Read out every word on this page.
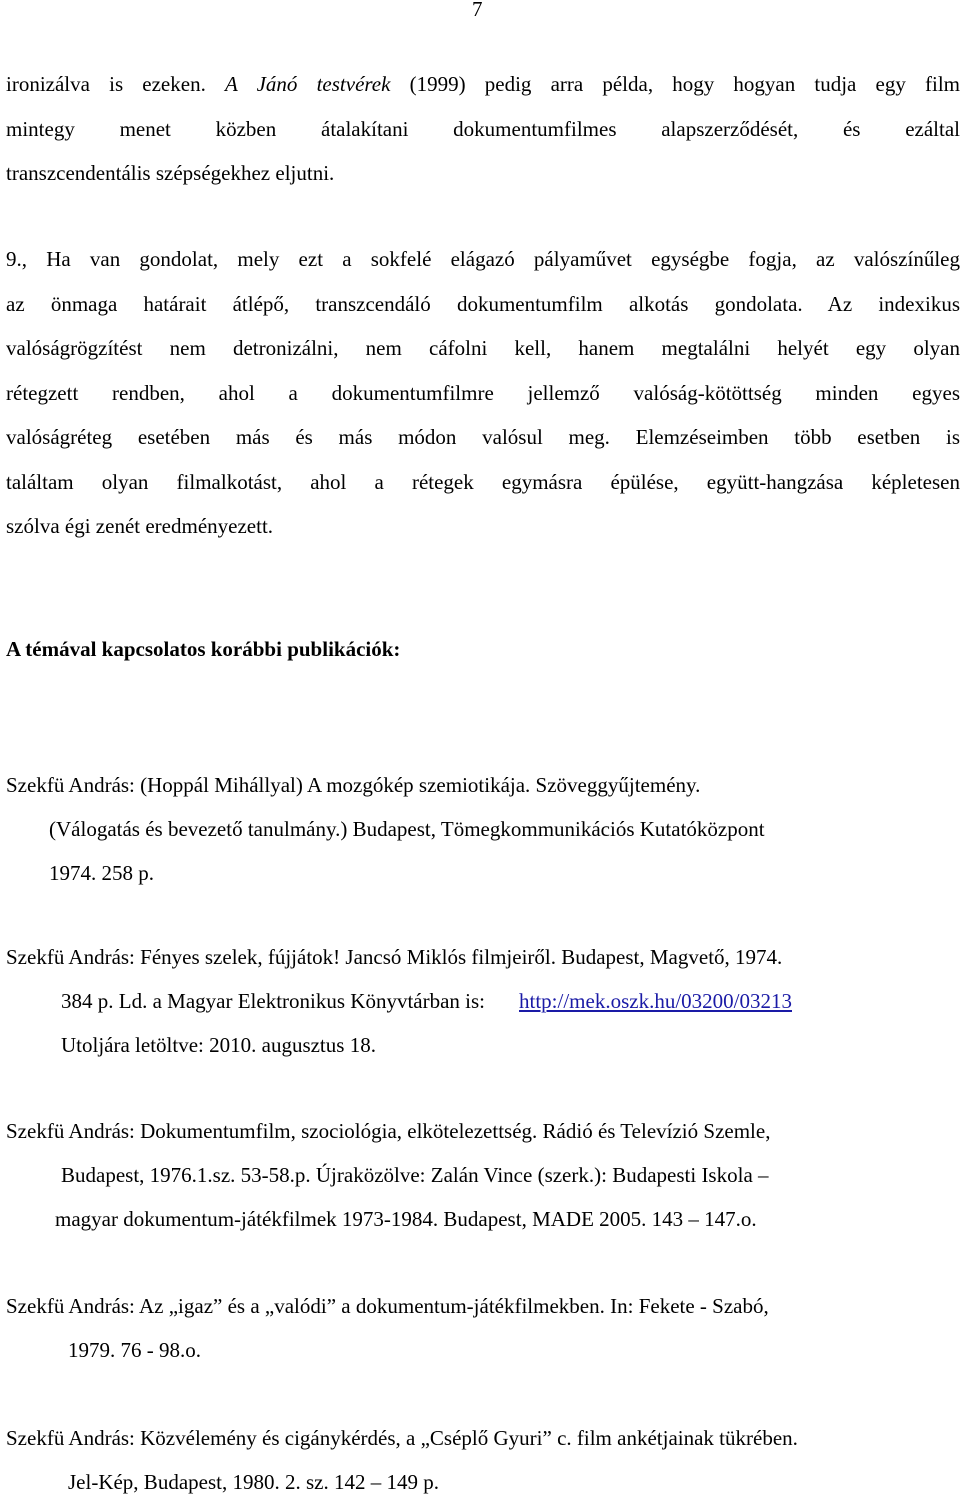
7

ironizálva is ezeken. A Jánó testvérek (1999) pedig arra példa, hogy hogyan tudja egy film
mintegy menet közben átalakítani dokumentumfilmes alapszerződését, és ezáltal
transzcendentális szépségekhez eljutni.

9., Ha van gondolat, mely ezt a sokfelé elágazó pályaművet egységbe fogja, az valószínűleg
az önmaga határait átlépő, transzcendáló dokumentumfilm alkotás gondolata. Az indexikus
valóságrögzítést nem detronizálni, nem cáfolni kell, hanem megtalálni helyét egy olyan
rétegzett rendben, ahol a dokumentumfilmre jellemző valóság-kötöttség minden egyes
valóságréteg esetében más és más módon valósul meg. Elemzéseimben több esetben is
találtam olyan filmalkotást, ahol a rétegek egymásra épülése, együtt-hangzása képletesen
szólva égi zenét eredményezett.

A témával kapcsolatos korábbi publikációk:
Szekfü András: (Hoppál Mihállyal) A mozgókép szemiotikája. Szöveggyűjtemény.
(Válogatás és bevezető tanulmány.) Budapest, Tömegkommunikációs Kutatóközpont
1974. 258 p.
Szekfü András: Fényes szelek, fújjátok! Jancsó Miklós filmjeiről. Budapest, Magvető, 1974.
384 p. Ld. a Magyar Elektronikus Könyvtárban is: http://mek.oszk.hu/03200/03213
Utoljára letöltve: 2010. augusztus 18.
Szekfü András: Dokumentumfilm, szociológia, elkötelezettség. Rádió és Televízió Szemle,
Budapest, 1976.1.sz. 53-58.p. Újraközölve: Zalán Vince (szerk.): Budapesti Iskola –
magyar dokumentum-játékfilmek 1973-1984. Budapest, MADE 2005. 143 – 147.o.
Szekfü András: Az „igaz” és a „valódi” a dokumentum-játékfilmekben. In: Fekete - Szabó,
1979. 76 - 98.o.
Szekfü András: Közvélemény és cigánykérdés, a „Cséplő Gyuri” c. film ankétjainak tükrében.
Jel-Kép, Budapest, 1980. 2. sz. 142 – 149 p.
